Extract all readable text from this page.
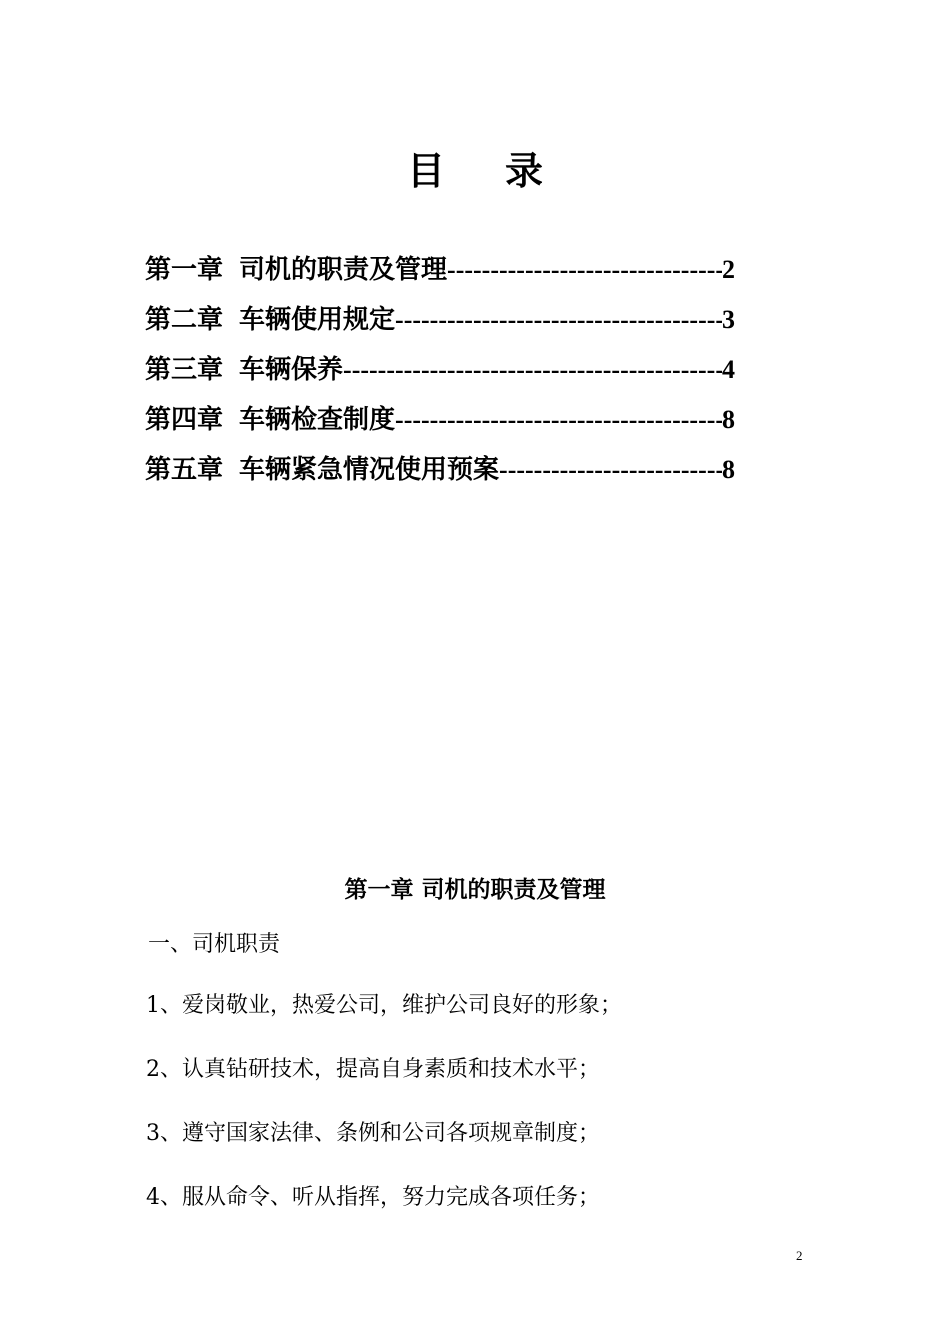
目 录
第一章 司机的职责及管理 -----	2
第二章 车辆使用规定 -----	3
第三章 车辆保养 -----	4
第四章 车辆检查制度 -----	8
第五章 车辆紧急情况使用预案 -----	8
第一章 司机的职责及管理
一、司机职责
1、爱岗敬业，热爱公司，维护公司良好的形象；
2、认真钻研技术，提高自身素质和技术水平；
3、遵守国家法律、条例和公司各项规章制度；
4、服从命令、听从指挥，努力完成各项任务；
2
